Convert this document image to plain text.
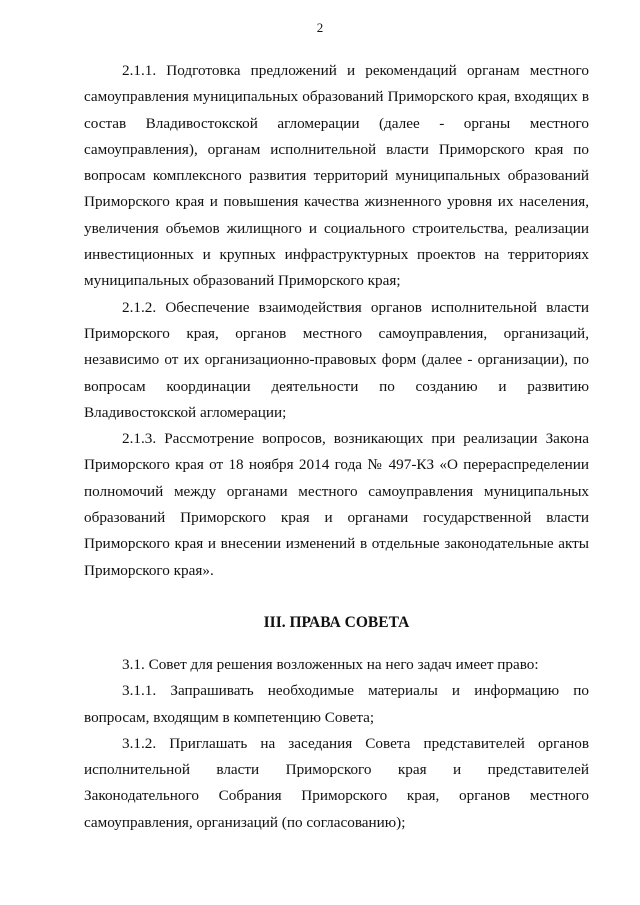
2

2.1.1. Подготовка предложений и рекомендаций органам местного самоуправления муниципальных образований Приморского края, входящих в состав Владивостокской агломерации (далее - органы местного самоуправления), органам исполнительной власти Приморского края по вопросам комплексного развития территорий муниципальных образований Приморского края и повышения качества жизненного уровня их населения, увеличения объемов жилищного и социального строительства, реализации инвестиционных и крупных инфраструктурных проектов на территориях муниципальных образований Приморского края;

2.1.2. Обеспечение взаимодействия органов исполнительной власти Приморского края, органов местного самоуправления, организаций, независимо от их организационно-правовых форм (далее - организации), по вопросам координации деятельности по созданию и развитию Владивостокской агломерации;

2.1.3. Рассмотрение вопросов, возникающих при реализации Закона Приморского края от 18 ноября 2014 года № 497-КЗ «О перераспределении полномочий между органами местного самоуправления муниципальных образований Приморского края и органами государственной власти Приморского края и внесении изменений в отдельные законодательные акты Приморского края».

III. ПРАВА СОВЕТА

3.1. Совет для решения возложенных на него задач имеет право:

3.1.1. Запрашивать необходимые материалы и информацию по вопросам, входящим в компетенцию Совета;

3.1.2. Приглашать на заседания Совета представителей органов исполнительной власти Приморского края и представителей Законодательного Собрания Приморского края, органов местного самоуправления, организаций (по согласованию);
